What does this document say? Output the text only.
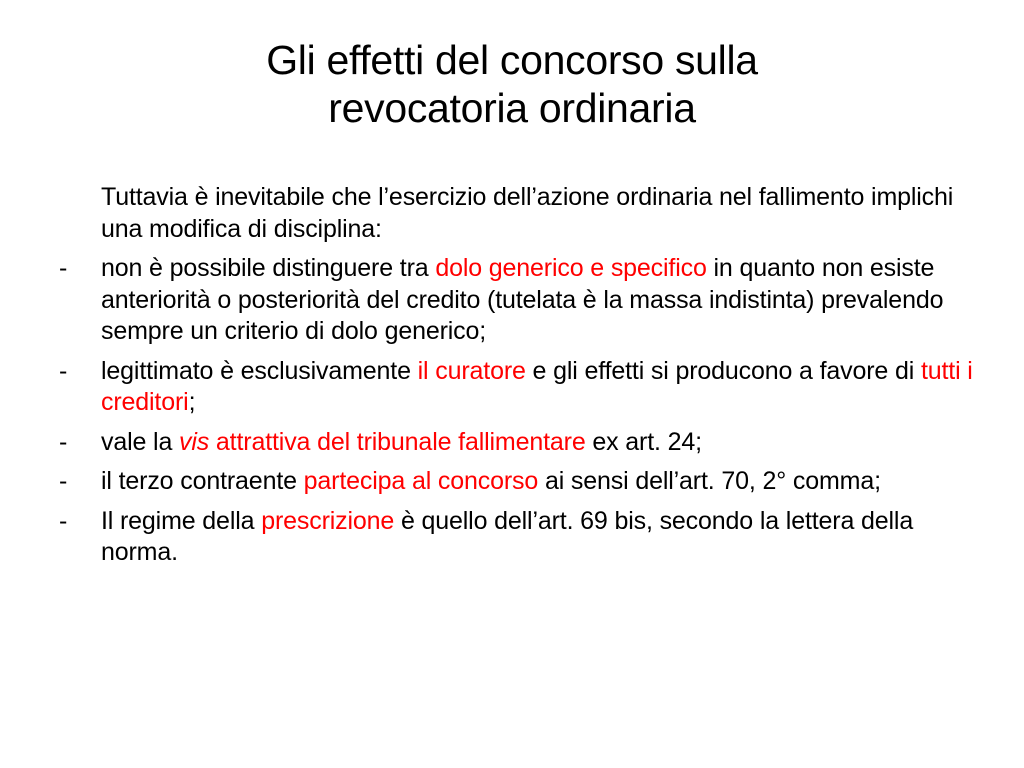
Gli effetti del concorso sulla
revocatoria ordinaria
Tuttavia è inevitabile che l’esercizio dell’azione ordinaria nel fallimento implichi una modifica di disciplina:
- non è possibile distinguere tra dolo generico e specifico in quanto non esiste anteriorità o posteriorità del credito (tutelata è la massa indistinta) prevalendo sempre un criterio di dolo generico;
- legittimato è esclusivamente il curatore e gli effetti si producono a favore di tutti i creditori;
- vale la vis attrattiva del tribunale fallimentare ex art. 24;
- il terzo contraente partecipa al concorso ai sensi dell’art. 70, 2° comma;
- Il regime della prescrizione è quello dell’art. 69 bis, secondo la lettera della norma.
